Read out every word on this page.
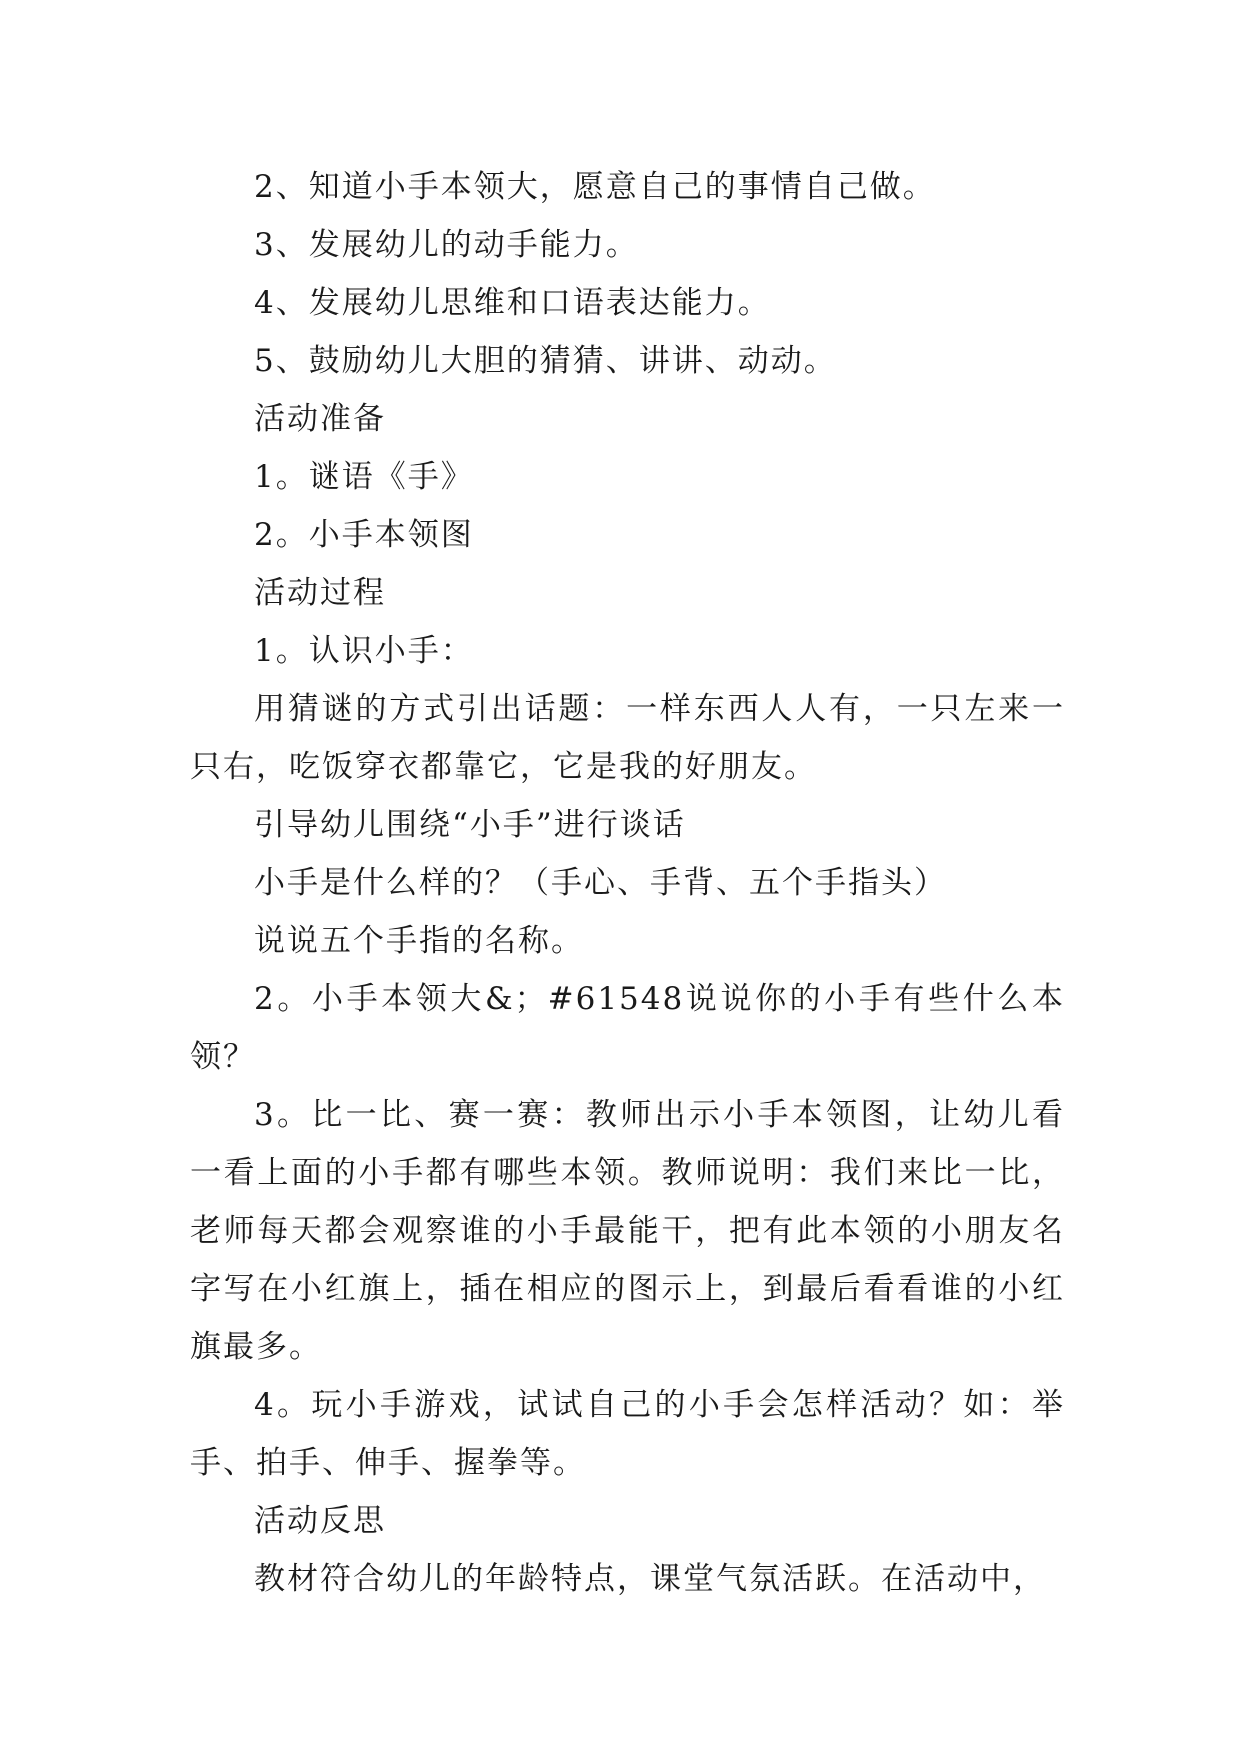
2、知道小手本领大，愿意自己的事情自己做。

3、发展幼儿的动手能力。

4、发展幼儿思维和口语表达能力。

5、鼓励幼儿大胆的猜猜、讲讲、动动。

活动准备

1。谜语《手》

2。小手本领图

活动过程

1。认识小手：

用猜谜的方式引出话题：一样东西人人有，一只左来一只右，吃饭穿衣都靠它，它是我的好朋友。

引导幼儿围绕“小手”进行谈话

小手是什么样的？（手心、手背、五个手指头）

说说五个手指的名称。

2。小手本领大&；#61548说说你的小手有些什么本领？

3。比一比、赛一赛：教师出示小手本领图，让幼儿看一看上面的小手都有哪些本领。教师说明：我们来比一比，老师每天都会观察谁的小手最能干，把有此本领的小朋友名字写在小红旗上，插在相应的图示上，到最后看看谁的小红旗最多。

4。玩小手游戏，试试自己的小手会怎样活动？如：举手、拍手、伸手、握拳等。

活动反思

教材符合幼儿的年龄特点，课堂气氛活跃。在活动中，
